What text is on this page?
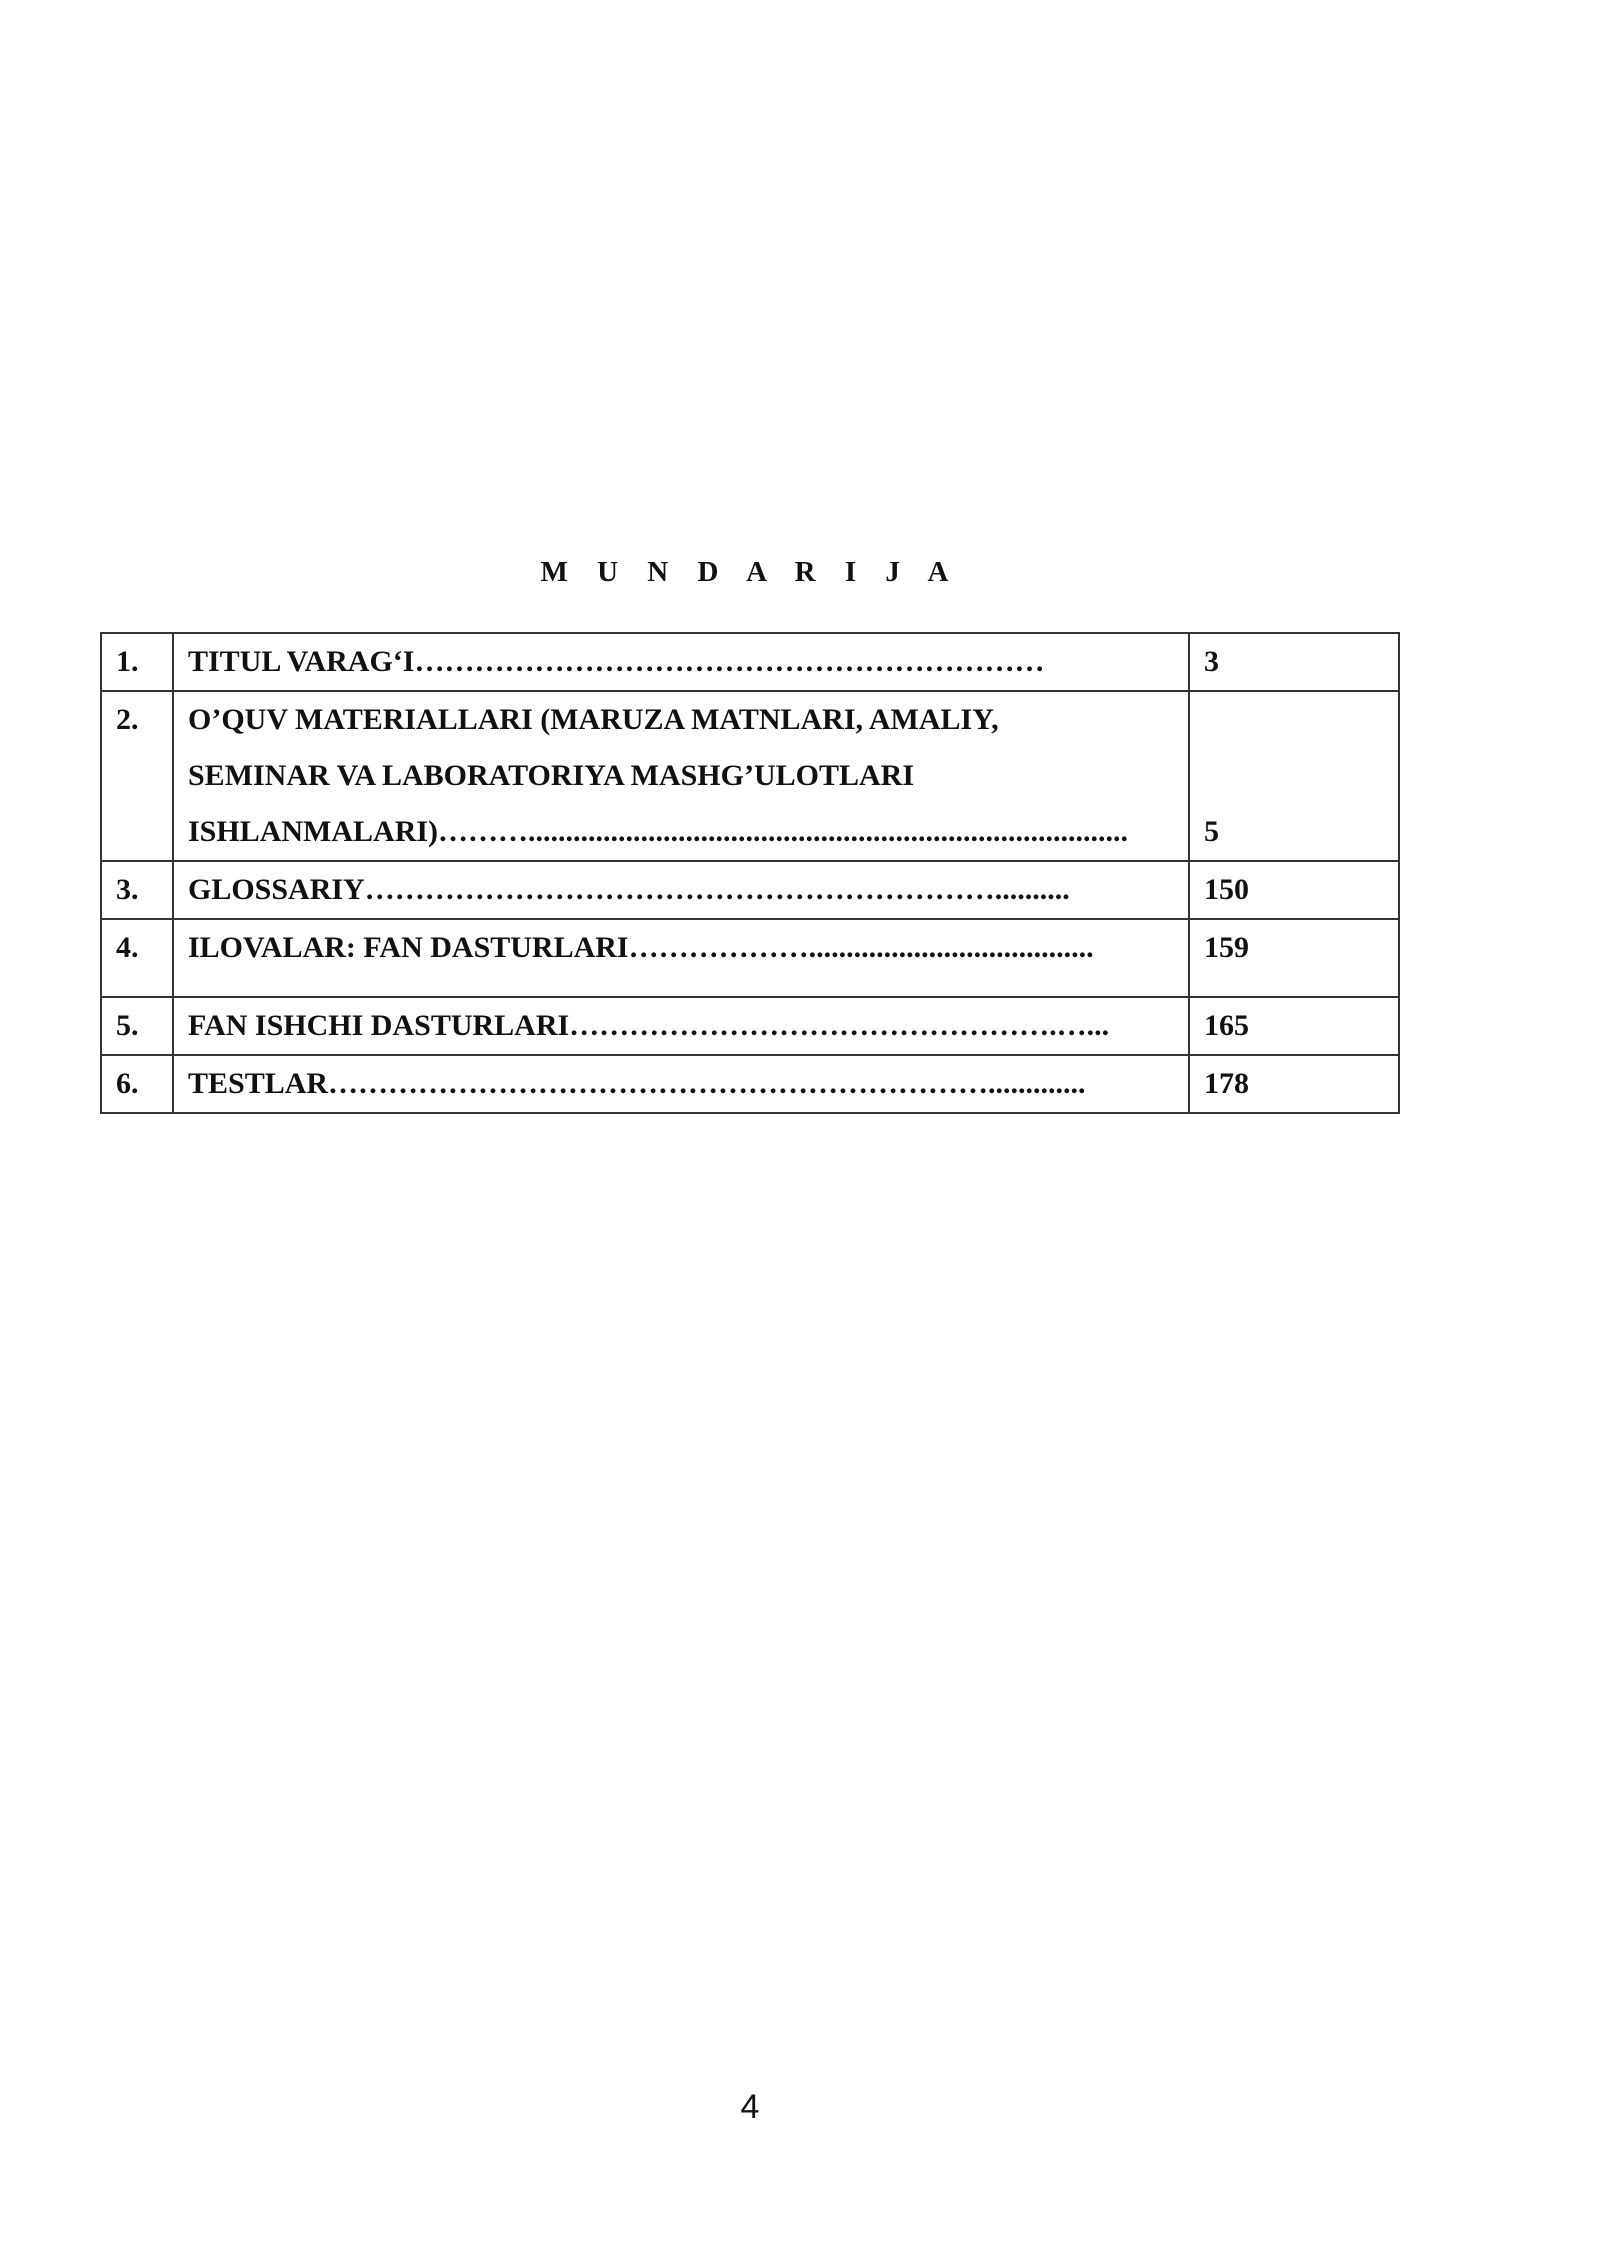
M U N D A R I J A
1.	TITUL VARAG‘I………………………………………………………	3
2.	O’QUV MATERIALLARI (MARUZA MATNLARI, AMALIY,
SEMINAR VA LABORATORIYA MASHG’ULOTLARI
ISHLANMALARI)………................................................................................	5
3.	GLOSSARIY………………………………………………………..........	150
4.	ILOVALAR: FAN DASTURLARI………………......................................	159
5.	FAN ISHCHI DASTURLARI………………………………………….…...	165
6.	TESTLAR………………………………………………………….............	178
4
